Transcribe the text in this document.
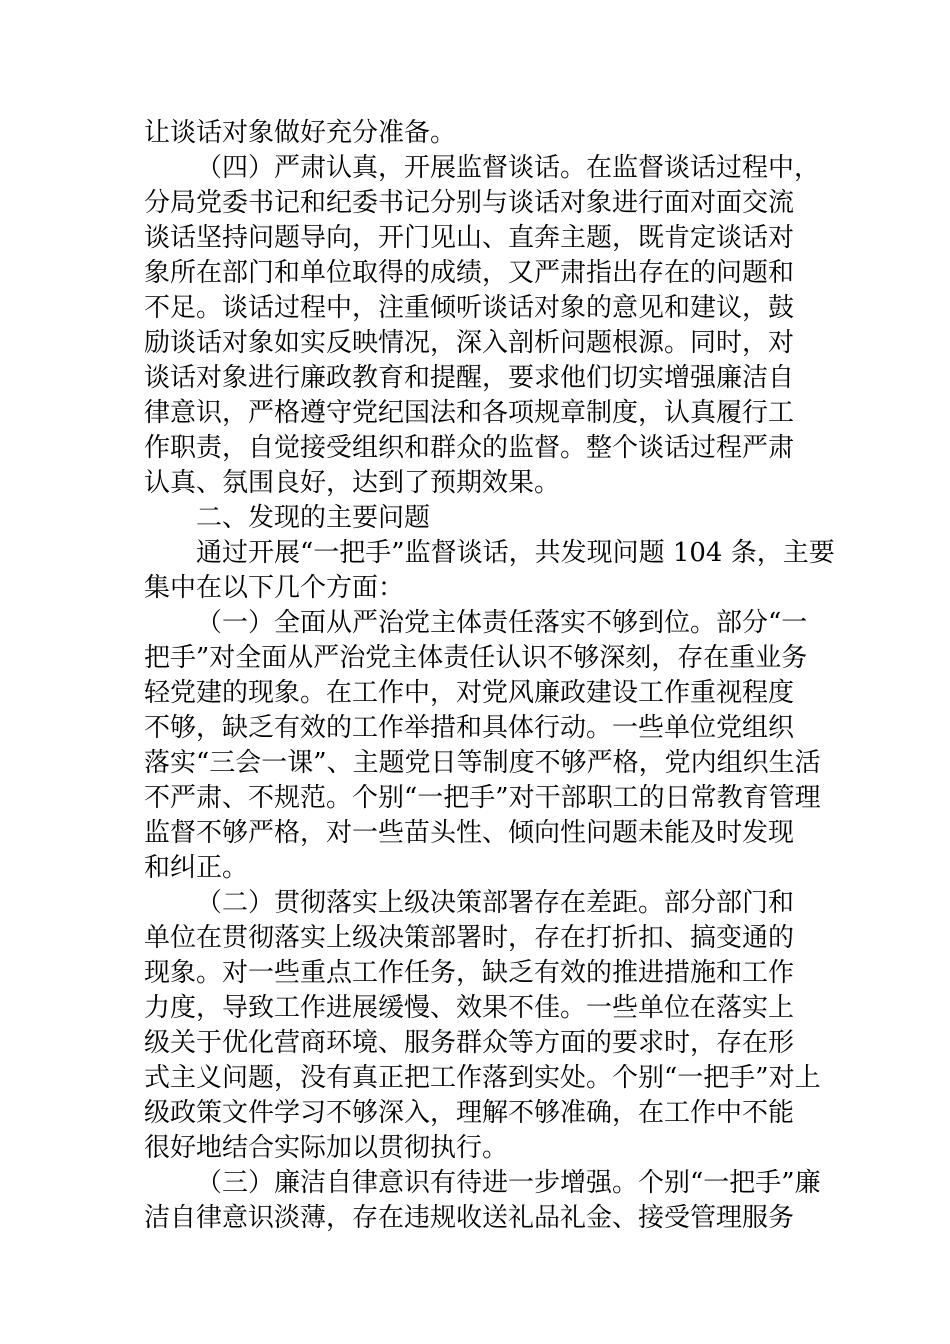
让谈话对象做好充分准备。
（四）严肃认真，开展监督谈话。在监督谈话过程中，
分局党委书记和纪委书记分别与谈话对象进行面对面交流
谈话坚持问题导向，开门见山、直奔主题，既肯定谈话对
象所在部门和单位取得的成绩，又严肃指出存在的问题和
不足。谈话过程中，注重倾听谈话对象的意见和建议，鼓
励谈话对象如实反映情况，深入剖析问题根源。同时，对
谈话对象进行廉政教育和提醒，要求他们切实增强廉洁自
律意识，严格遵守党纪国法和各项规章制度，认真履行工
作职责，自觉接受组织和群众的监督。整个谈话过程严肃
认真、氛围良好，达到了预期效果。
二、发现的主要问题
通过开展“一把手”监督谈话，共发现问题 104 条，主要
集中在以下几个方面：
（一）全面从严治党主体责任落实不够到位。部分“一
把手”对全面从严治党主体责任认识不够深刻，存在重业务
轻党建的现象。在工作中，对党风廉政建设工作重视程度
不够，缺乏有效的工作举措和具体行动。一些单位党组织
落实“三会一课”、主题党日等制度不够严格，党内组织生活
不严肃、不规范。个别“一把手”对干部职工的日常教育管理
监督不够严格，对一些苗头性、倾向性问题未能及时发现
和纠正。
（二）贯彻落实上级决策部署存在差距。部分部门和
单位在贯彻落实上级决策部署时，存在打折扣、搞变通的
现象。对一些重点工作任务，缺乏有效的推进措施和工作
力度，导致工作进展缓慢、效果不佳。一些单位在落实上
级关于优化营商环境、服务群众等方面的要求时，存在形
式主义问题，没有真正把工作落到实处。个别“一把手”对上
级政策文件学习不够深入，理解不够准确，在工作中不能
很好地结合实际加以贯彻执行。
（三）廉洁自律意识有待进一步增强。个别“一把手”廉
洁自律意识淡薄，存在违规收送礼品礼金、接受管理服务
